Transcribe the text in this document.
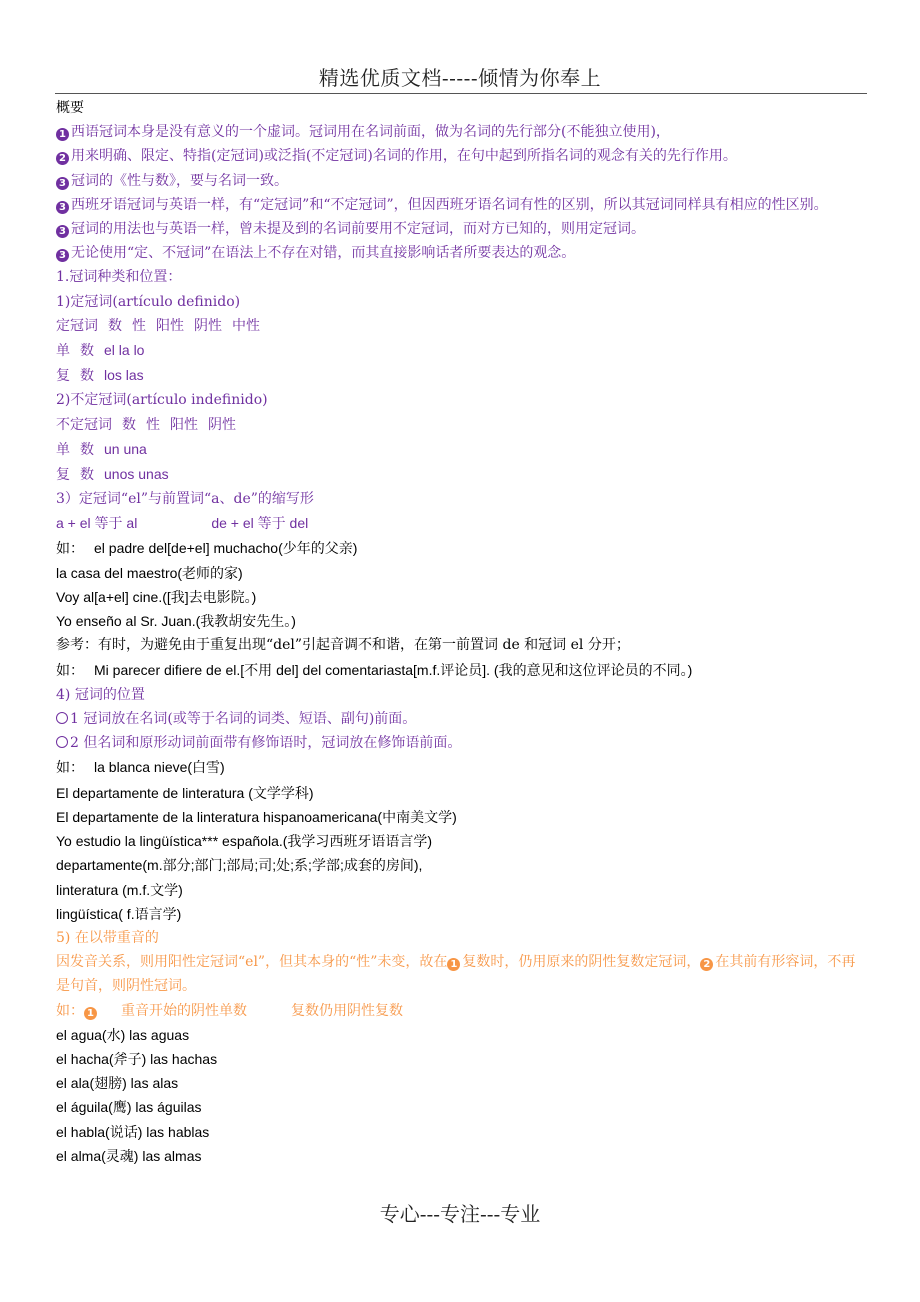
精选优质文档-----倾情为你奉上
概要
1 西语冠词本身是没有意义的一个虚词。冠词用在名词前面，做为名词的先行部分(不能独立使用)，
2 用来明确、限定、特指(定冠词)或泛指(不定冠词)名词的作用，在句中起到所指名词的观念有关的先行作用。
3 冠词的《性与数》，要与名词一致。
3 西班牙语冠词与英语一样，有“定冠词”和“不定冠词”，但因西班牙语名词有性的区别，所以其冠词同样具有相应的性区别。
3 冠词的用法也与英语一样，曾未提及到的名词前要用不定冠词，而对方已知的，则用定冠词。
3 无论使用“定、不冠词”在语法上不存在对错，而其直接影响话者所要表达的观念。
1.冠词种类和位置：
1)定冠词(artículo definido)
定冠词 数 性 阳性 阴性 中性
单 数 el la lo
复 数 los las
2)不定冠词(artículo indefinido)
不定冠词 数 性 阳性 阴性
单 数 un una
复 数 unos unas
3）定冠词“el”与前置词“a、de”的缩写形
a + el 等于 al	de + el 等于 del
如： el padre del[de+el] muchacho(少年的父亲)
la casa del maestro(老师的家)
Voy al[a+el] cine.([我]去电影院。)
Yo enseño al Sr. Juan.(我教胡安先生。)
参考：有时，为避免由于重复出现“del”引起音调不和谐，在第一前置词 de 和冠词 el 分开；
如： Mi parecer difiere de el.[不用 del] del comentariasta[m.f.评论员]. (我的意见和这位评论员的不同。)
4) 冠词的位置
1 冠词放在名词(或等于名词的词类、短语、副句)前面。
2 但名词和原形动词前面带有修饰语时，冠词放在修饰语前面。
如： la blanca nieve(白雪)
El departamente de linteratura (文学学科)
El departamente de la linteratura hispanoamericana(中南美文学)
Yo estudio la lingüística*** española.(我学习西班牙语语言学)
departamente(m.部分;部门;部局;司;处;系;学部;成套的房间),
linteratura (m.f.文学)
lingüística( f.语言学)
5) 在以带重音的
因发音关系，则用阳性定冠词“el”，但其本身的“性”未变，故在 1 复数时，仍用原来的阴性复数定冠词， 2 在其前有形容词，不再是句首，则阴性冠词。
如： 1 重音开始的阴性单数	复数仍用阴性复数
el agua(水) las aguas
el hacha(斧子) las hachas
el ala(翅膀) las alas
el águila(鹰) las águilas
el habla(说话) las hablas
el alma(灵魂) las almas
专心---专注---专业
